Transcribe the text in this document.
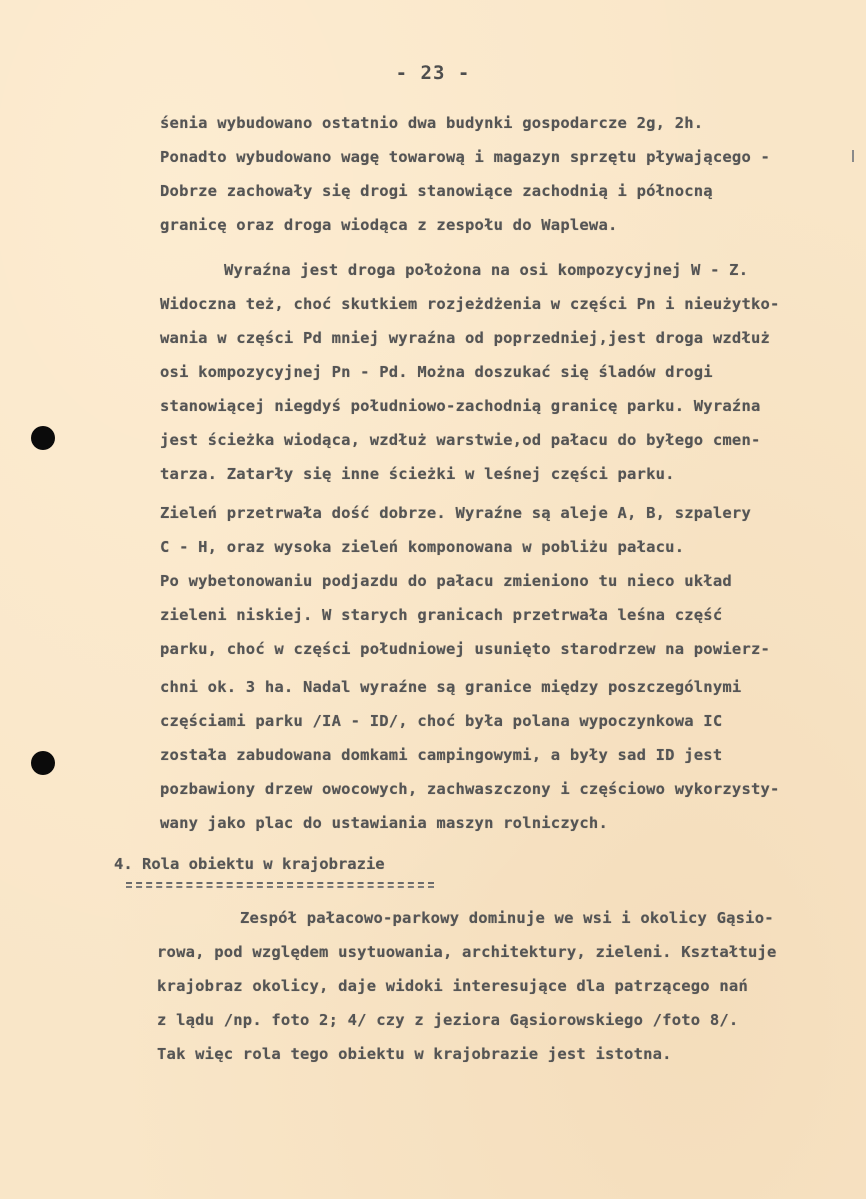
- 23 -
śenia wybudowano ostatnio dwa budynki gospodarcze 2g, 2h.
Ponadto wybudowano wagę towarową i magazyn sprzętu pływającego -
Dobrze zachowały się drogi stanowiące zachodnią i północną
granicę oraz droga wiodąca z zespołu do Waplewa.
Wyraźna jest droga położona na osi kompozycyjnej W - Z.
Widoczna też, choć skutkiem rozjeżdżenia w części Pn i nieużytko-
wania w części Pd mniej wyraźna od poprzedniej,jest droga wzdłuż
osi kompozycyjnej Pn - Pd. Można doszukać się śladów drogi
stanowiącej niegdyś południowo-zachodnią granicę parku. Wyraźna
jest ścieżka wiodąca, wzdłuż warstwie,od pałacu do byłego cmen-
tarza. Zatarły się inne ścieżki w leśnej części parku.
Zieleń przetrwała dość dobrze. Wyraźne są aleje A, B, szpalery
C - H, oraz wysoka zieleń komponowana w pobliżu pałacu.
Po wybetonowaniu podjazdu do pałacu zmieniono tu nieco układ
zieleni niskiej. W starych granicach przetrwała leśna część
parku, choć w części południowej usunięto starodrzew na powierz-
chni ok. 3 ha. Nadal wyraźne są granice między poszczególnymi
częściami parku /IA - ID/, choć była polana wypoczynkowa IC
została zabudowana domkami campingowymi, a były sad ID jest
pozbawiony drzew owocowych, zachwaszczony i częściowo wykorzysty-
wany jako plac do ustawiania maszyn rolniczych.
4. Rola obiektu w krajobrazie
Zespół pałacowo-parkowy dominuje we wsi i okolicy Gąsio-
rowa, pod względem usytuowania, architektury, zieleni. Kształtuje
krajobraz okolicy, daje widoki interesujące dla patrzącego nań
z lądu /np. foto 2; 4/ czy z jeziora Gąsiorowskiego /foto 8/.
Tak więc rola tego obiektu w krajobrazie jest istotna.
